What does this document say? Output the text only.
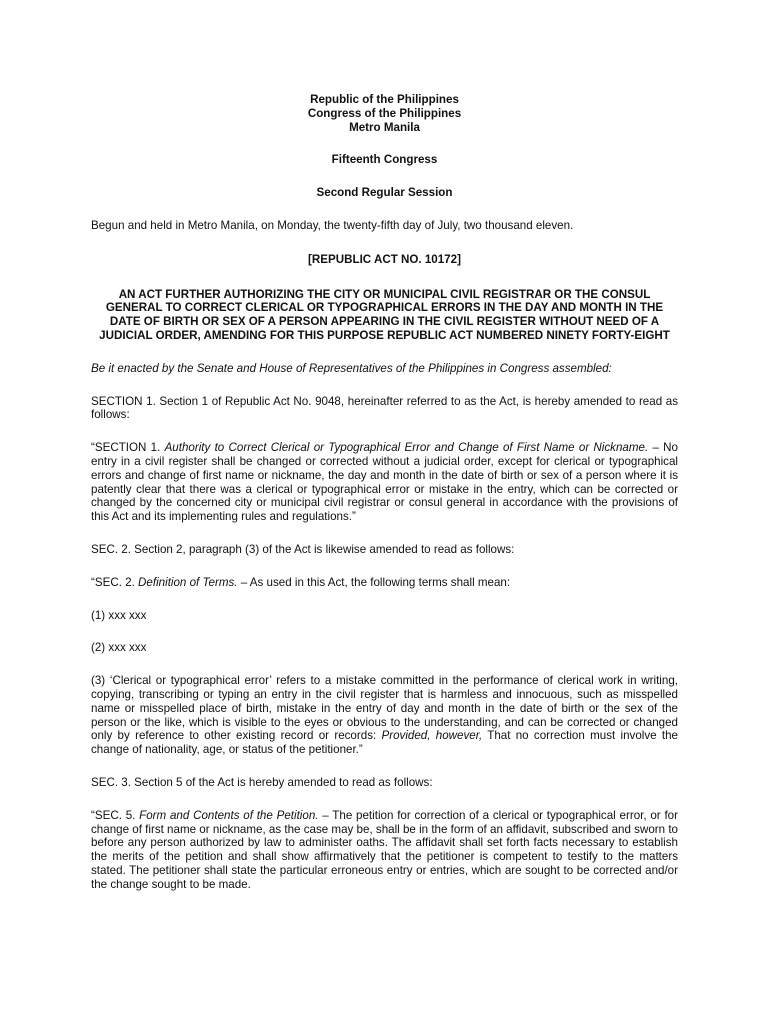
Republic of the Philippines
Congress of the Philippines
Metro Manila
Fifteenth Congress
Second Regular Session
Begun and held in Metro Manila, on Monday, the twenty-fifth day of July, two thousand eleven.
[REPUBLIC ACT NO. 10172]
AN ACT FURTHER AUTHORIZING THE CITY OR MUNICIPAL CIVIL REGISTRAR OR THE CONSUL GENERAL TO CORRECT CLERICAL OR TYPOGRAPHICAL ERRORS IN THE DAY AND MONTH IN THE DATE OF BIRTH OR SEX OF A PERSON APPEARING IN THE CIVIL REGISTER WITHOUT NEED OF A JUDICIAL ORDER, AMENDING FOR THIS PURPOSE REPUBLIC ACT NUMBERED NINETY FORTY-EIGHT
Be it enacted by the Senate and House of Representatives of the Philippines in Congress assembled:

SECTION 1. Section 1 of Republic Act No. 9048, hereinafter referred to as the Act, is hereby amended to read as follows:

“SECTION 1. Authority to Correct Clerical or Typographical Error and Change of First Name or Nickname. – No entry in a civil register shall be changed or corrected without a judicial order, except for clerical or typographical errors and change of first name or nickname, the day and month in the date of birth or sex of a person where it is patently clear that there was a clerical or typographical error or mistake in the entry, which can be corrected or changed by the concerned city or municipal civil registrar or consul general in accordance with the provisions of this Act and its implementing rules and regulations.”

SEC. 2. Section 2, paragraph (3) of the Act is likewise amended to read as follows:

“SEC. 2. Definition of Terms. – As used in this Act, the following terms shall mean:

(1) xxx xxx

(2) xxx xxx

(3) ‘Clerical or typographical error’ refers to a mistake committed in the performance of clerical work in writing, copying, transcribing or typing an entry in the civil register that is harmless and innocuous, such as misspelled name or misspelled place of birth, mistake in the entry of day and month in the date of birth or the sex of the person or the like, which is visible to the eyes or obvious to the understanding, and can be corrected or changed only by reference to other existing record or records: Provided, however, That no correction must involve the change of nationality, age, or status of the petitioner.”

SEC. 3. Section 5 of the Act is hereby amended to read as follows:

“SEC. 5. Form and Contents of the Petition. – The petition for correction of a clerical or typographical error, or for change of first name or nickname, as the case may be, shall be in the form of an affidavit, subscribed and sworn to before any person authorized by law to administer oaths. The affidavit shall set forth facts necessary to establish the merits of the petition and shall show affirmatively that the petitioner is competent to testify to the matters stated. The petitioner shall state the particular erroneous entry or entries, which are sought to be corrected and/or the change sought to be made.
